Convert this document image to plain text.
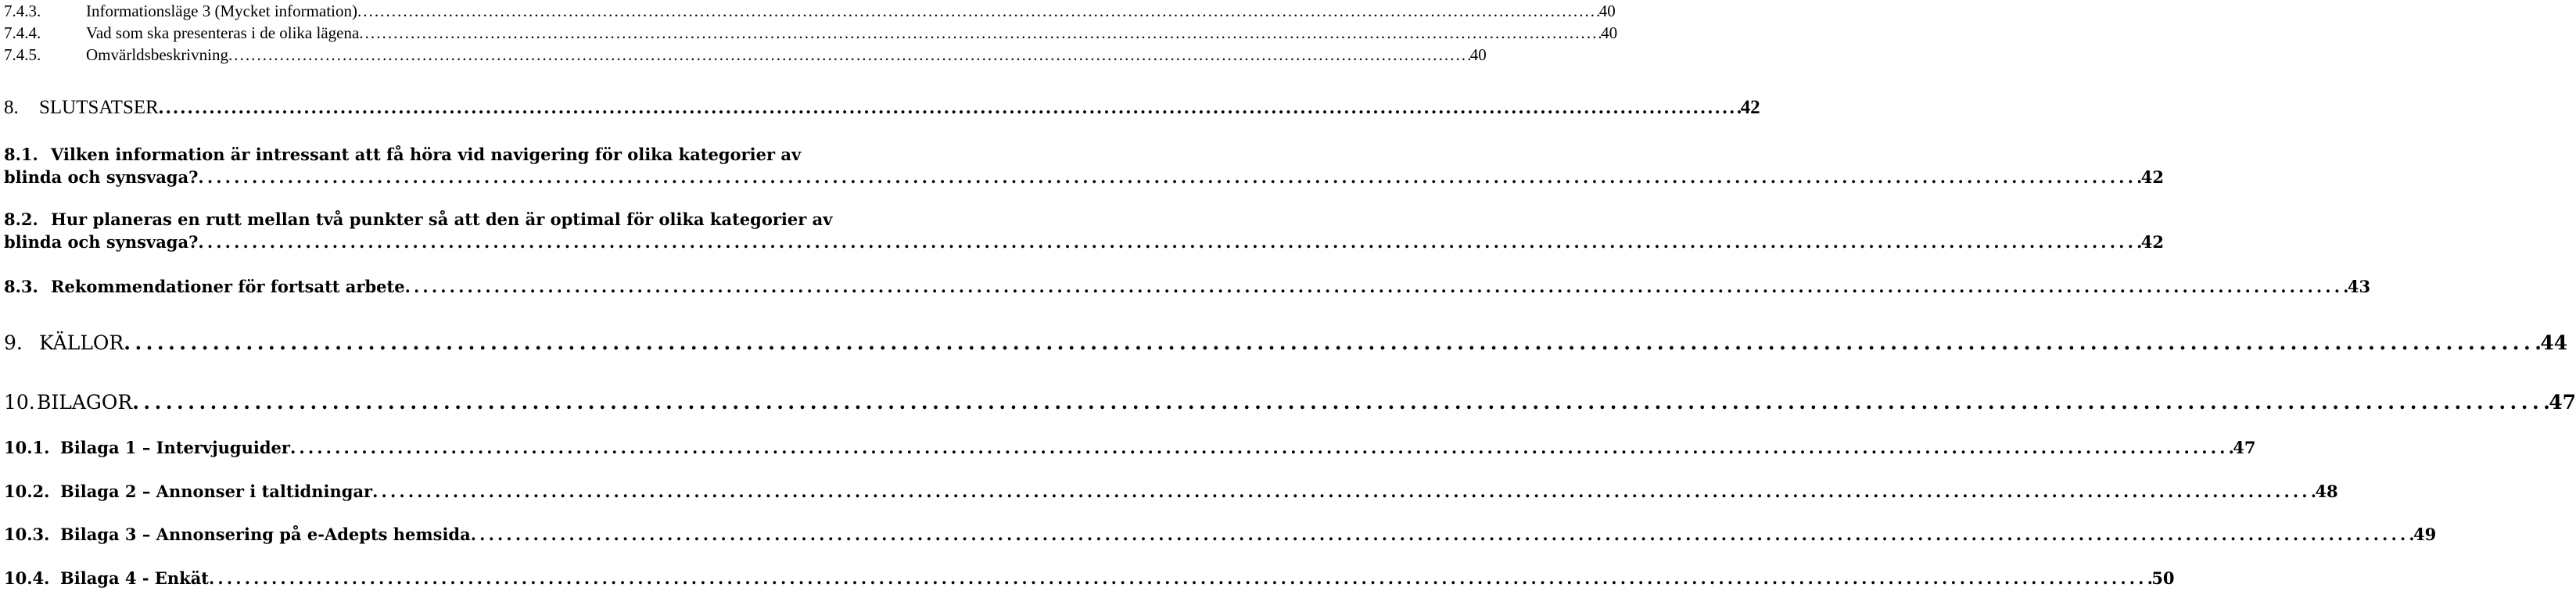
7.4.3.	Informationsläge 3 (Mycket information) . . .	40
7.4.4.	Vad som ska presenteras i de olika lägena . . .	40
7.4.5.	Omvärldsbeskrivning . . .	40
8.	SLUTSATSER . . .	42
8.1. Vilken information är intressant att få höra vid navigering för olika kategorier av
blinda och synsvaga? . . .	42
8.2. Hur planeras en rutt mellan två punkter så att den är optimal för olika kategorier av
blinda och synsvaga? . . .	42
8.3. Rekommendationer för fortsatt arbete . . .	43
9. KÄLLOR . . .	44
10. BILAGOR . . .	47
10.1. Bilaga 1 – Intervjuguider . . .	47
10.2. Bilaga 2 – Annonser i taltidningar . . .	48
10.3. Bilaga 3 – Annonsering på e-Adepts hemsida . . .	49
10.4. Bilaga 4 - Enkät . . .	50
